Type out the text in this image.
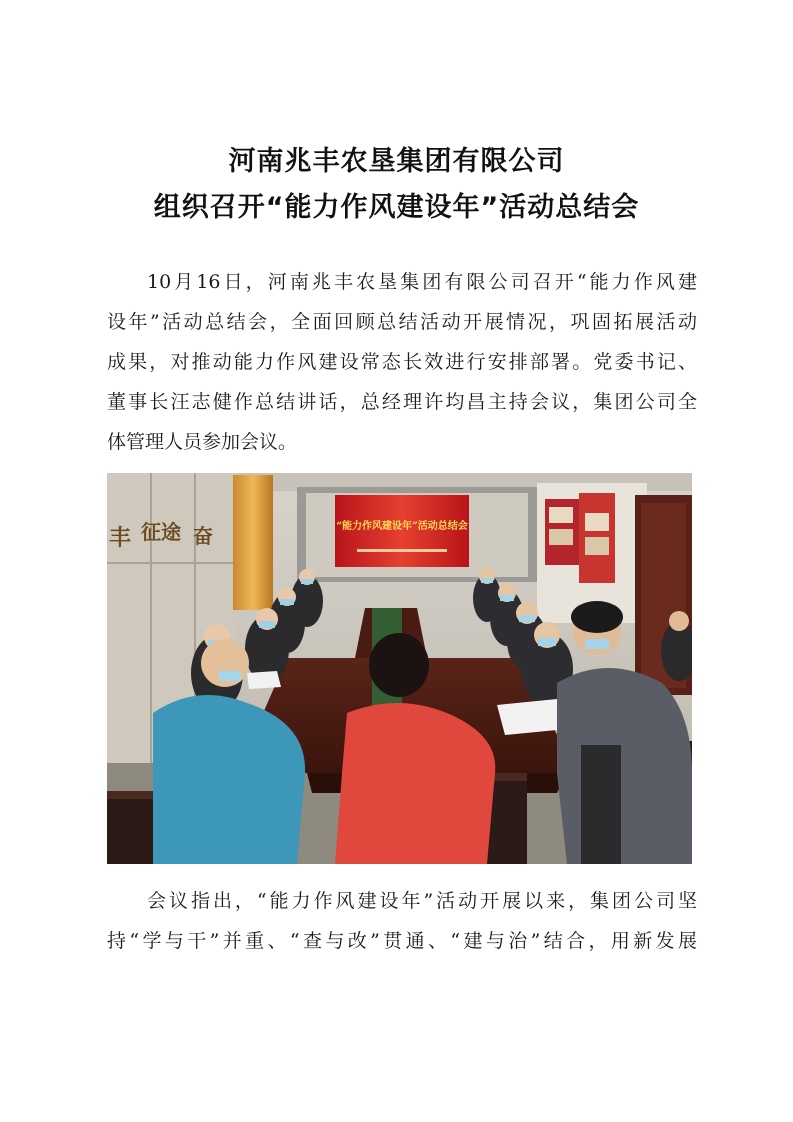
河南兆丰农垦集团有限公司
组织召开“能力作风建设年”活动总结会
10月16日，河南兆丰农垦集团有限公司召开“能力作风建
设年”活动总结会，全面回顾总结活动开展情况，巩固拓展活动
成果，对推动能力作风建设常态长效进行安排部署。党委书记、
董事长汪志健作总结讲话，总经理许均昌主持会议，集团公司全
体管理人员参加会议。
丰 征途 奋	“能力作风建设年”活动总结会
会议指出，“能力作风建设年”活动开展以来，集团公司坚
持“学与干”并重、“查与改”贯通、“建与治”结合，用新发展
